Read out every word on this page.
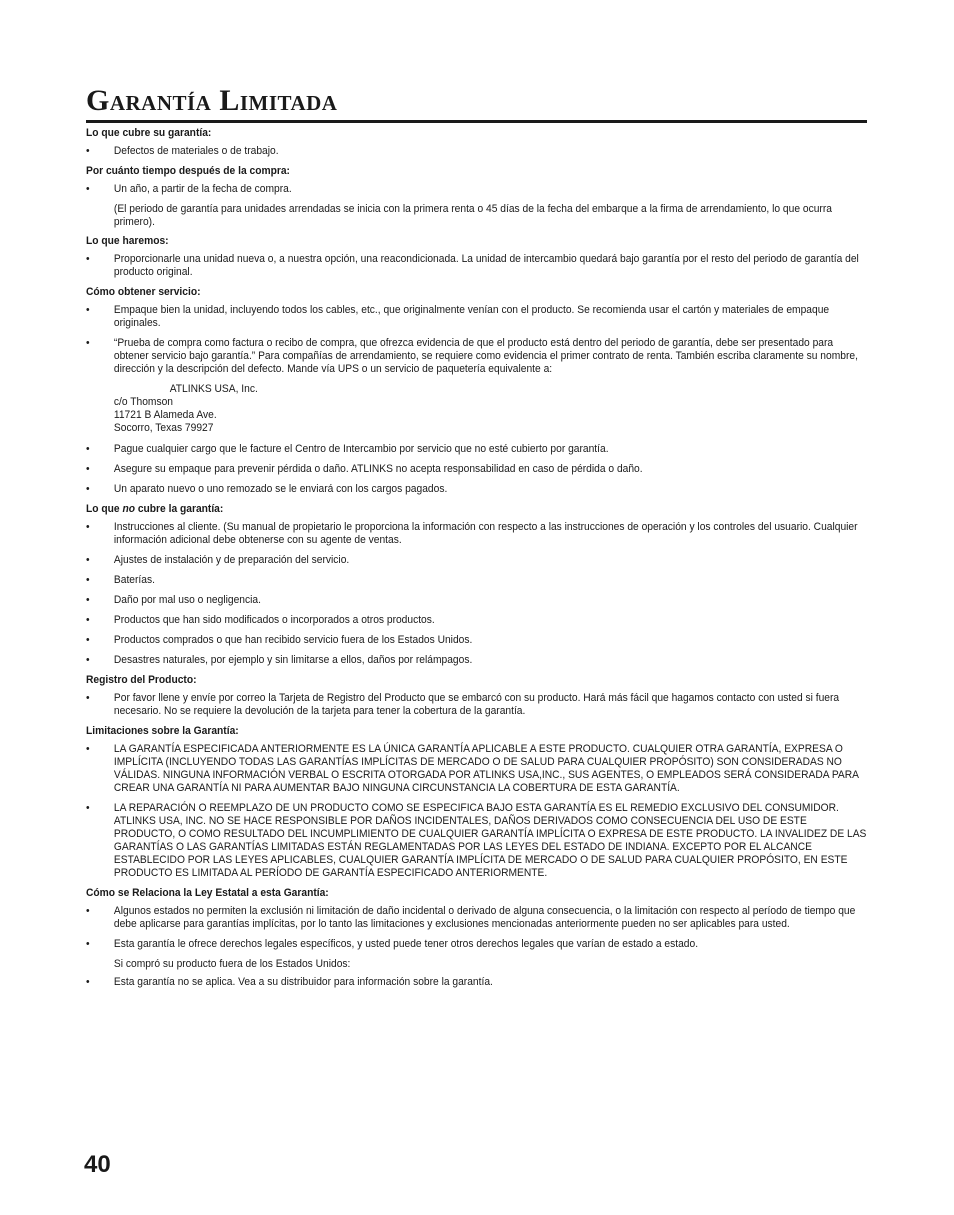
Garantía Limitada
Lo que cubre su garantía:
• Defectos de materiales o de trabajo.
Por cuánto tiempo después de la compra:
• Un año, a partir de la fecha de compra.
(El periodo de garantía para unidades arrendadas se inicia con la primera renta o 45 días de la fecha del embarque a la firma de arrendamiento, lo que ocurra primero).
Lo que haremos:
• Proporcionarle una unidad nueva o, a nuestra opción, una reacondicionada. La unidad de intercambio quedará bajo garantía por el resto del periodo de garantía del producto original.
Cómo obtener servicio:
• Empaque bien la unidad, incluyendo todos los cables, etc., que originalmente venían con el producto. Se recomienda usar el cartón y materiales de empaque originales.
• “Prueba de compra como factura o recibo de compra, que ofrezca evidencia de que el producto está dentro del periodo de garantía, debe ser presentado para obtener servicio bajo garantía.” Para compañías de arrendamiento, se requiere como evidencia el primer contrato de renta. También escriba claramente su nombre, dirección y la descripción del defecto. Mande vía UPS o un servicio de paquetería equivalente a:
ATLINKS USA, Inc.
c/o Thomson
11721 B Alameda Ave.
Socorro, Texas 79927
• Pague cualquier cargo que le facture el Centro de Intercambio por servicio que no esté cubierto por garantía.
• Asegure su empaque para prevenir pérdida o daño. ATLINKS no acepta responsabilidad en caso de pérdida o daño.
• Un aparato nuevo o uno remozado se le enviará con los cargos pagados.
Lo que no cubre la garantía:
• Instrucciones al cliente. (Su manual de propietario le proporciona la información con respecto a las instrucciones de operación y los controles del usuario. Cualquier información adicional debe obtenerse con su agente de ventas.
• Ajustes de instalación y de preparación del servicio.
• Baterías.
• Daño por mal uso o negligencia.
• Productos que han sido modificados o incorporados a otros productos.
• Productos comprados o que han recibido servicio fuera de los Estados Unidos.
• Desastres naturales, por ejemplo y sin limitarse a ellos, daños por relámpagos.
Registro del Producto:
• Por favor llene y envíe por correo la Tarjeta de Registro del Producto que se embarcó con su producto. Hará más fácil que hagamos contacto con usted si fuera necesario. No se requiere la devolución de la tarjeta para tener la cobertura de la garantía.
Limitaciones sobre la Garantía:
• LA GARANTÍA ESPECIFICADA ANTERIORMENTE ES LA ÚNICA GARANTÍA APLICABLE A ESTE PRODUCTO. CUALQUIER OTRA GARANTÍA, EXPRESA O IMPLÍCITA (INCLUYENDO TODAS LAS GARANTÍAS IMPLÍCITAS DE MERCADO O DE SALUD PARA CUALQUIER PROPÓSITO) SON CONSIDERADAS NO VÁLIDAS. NINGUNA INFORMACIÓN VERBAL O ESCRITA OTORGADA POR ATLINKS USA,INC., SUS AGENTES, O EMPLEADOS SERÁ CONSIDERADA PARA CREAR UNA GARANTÍA NI PARA AUMENTAR BAJO NINGUNA CIRCUNSTANCIA LA COBERTURA DE ESTA GARANTÍA.
• LA REPARACIÓN O REEMPLAZO DE UN PRODUCTO COMO SE ESPECIFICA BAJO ESTA GARANTÍA ES EL REMEDIO EXCLUSIVO DEL CONSUMIDOR. ATLINKS USA, INC. NO SE HACE RESPONSIBLE POR DAÑOS INCIDENTALES, DAÑOS DERIVADOS COMO CONSECUENCIA DEL USO DE ESTE PRODUCTO, O COMO RESULTADO DEL INCUMPLIMIENTO DE CUALQUIER GARANTÍA IMPLÍCITA O EXPRESA DE ESTE PRODUCTO. LA INVALIDEZ DE LAS GARANTÍAS O LAS GARANTÍAS LIMITADAS ESTÁN REGLAMENTADAS POR LAS LEYES DEL ESTADO DE INDIANA. EXCEPTO POR EL ALCANCE ESTABLECIDO POR LAS LEYES APLICABLES, CUALQUIER GARANTÍA IMPLÍCITA DE MERCADO O DE SALUD PARA CUALQUIER PROPÓSITO, EN ESTE PRODUCTO ES LIMITADA AL PERÍODO DE GARANTÍA ESPECIFICADO ANTERIORMENTE.
Cómo se Relaciona la Ley Estatal a esta Garantía:
• Algunos estados no permiten la exclusión ni limitación de daño incidental o derivado de alguna consecuencia, o la limitación con respecto al período de tiempo que debe aplicarse para garantías implícitas, por lo tanto las limitaciones y exclusiones mencionadas anteriormente pueden no ser aplicables para usted.
• Esta garantía le ofrece derechos legales específicos, y usted puede tener otros derechos legales que varían de estado a estado.
Si compró su producto fuera de los Estados Unidos:
• Esta garantía no se aplica. Vea a su distribuidor para información sobre la garantía.
40
